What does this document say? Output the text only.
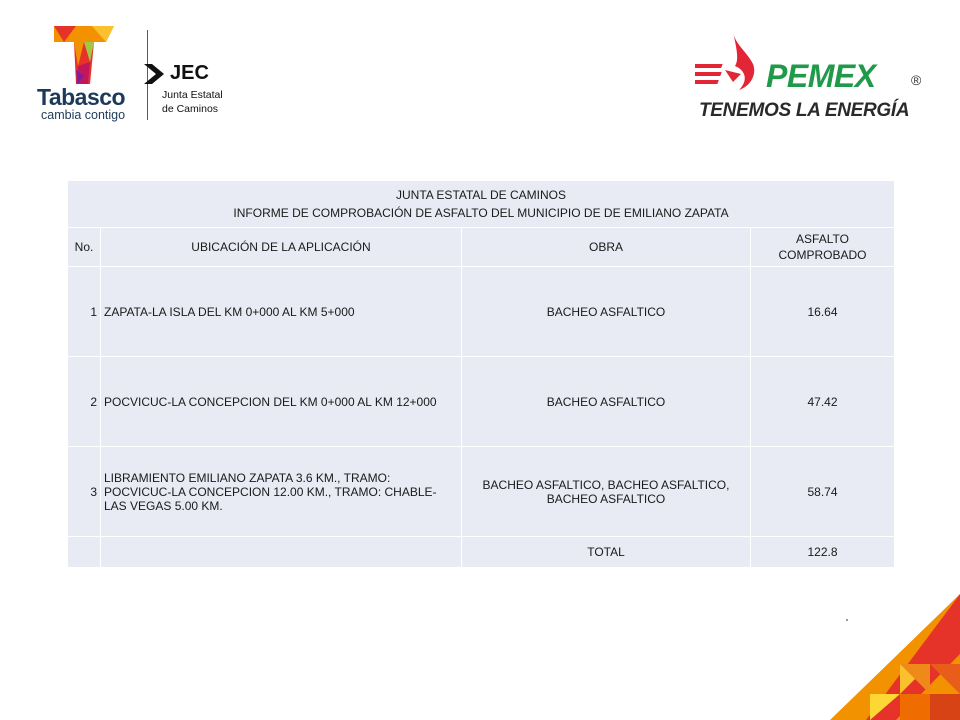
Tabasco
cambia contigo
JEC
Junta Estatal
de Caminos
PEMEX	®
TENEMOS LA ENERGÍA
JUNTA ESTATAL DE CAMINOS
INFORME DE COMPROBACIÓN DE ASFALTO DEL MUNICIPIO DE DE EMILIANO ZAPATA			

No.	UBICACIÓN DE LA APLICACIÓN	OBRA	ASFALTO COMPROBADO
1	ZAPATA-LA ISLA DEL KM 0+000 AL KM 5+000	BACHEO ASFALTICO	16.64
2	POCVICUC-LA CONCEPCION DEL KM 0+000 AL KM 12+000	BACHEO ASFALTICO	47.42
3	LIBRAMIENTO EMILIANO ZAPATA 3.6 KM., TRAMO: POCVICUC-LA CONCEPCION 12.00 KM., TRAMO: CHABLE-LAS VEGAS 5.00 KM.	BACHEO ASFALTICO, BACHEO ASFALTICO, BACHEO ASFALTICO	58.74
		TOTAL	122.8
